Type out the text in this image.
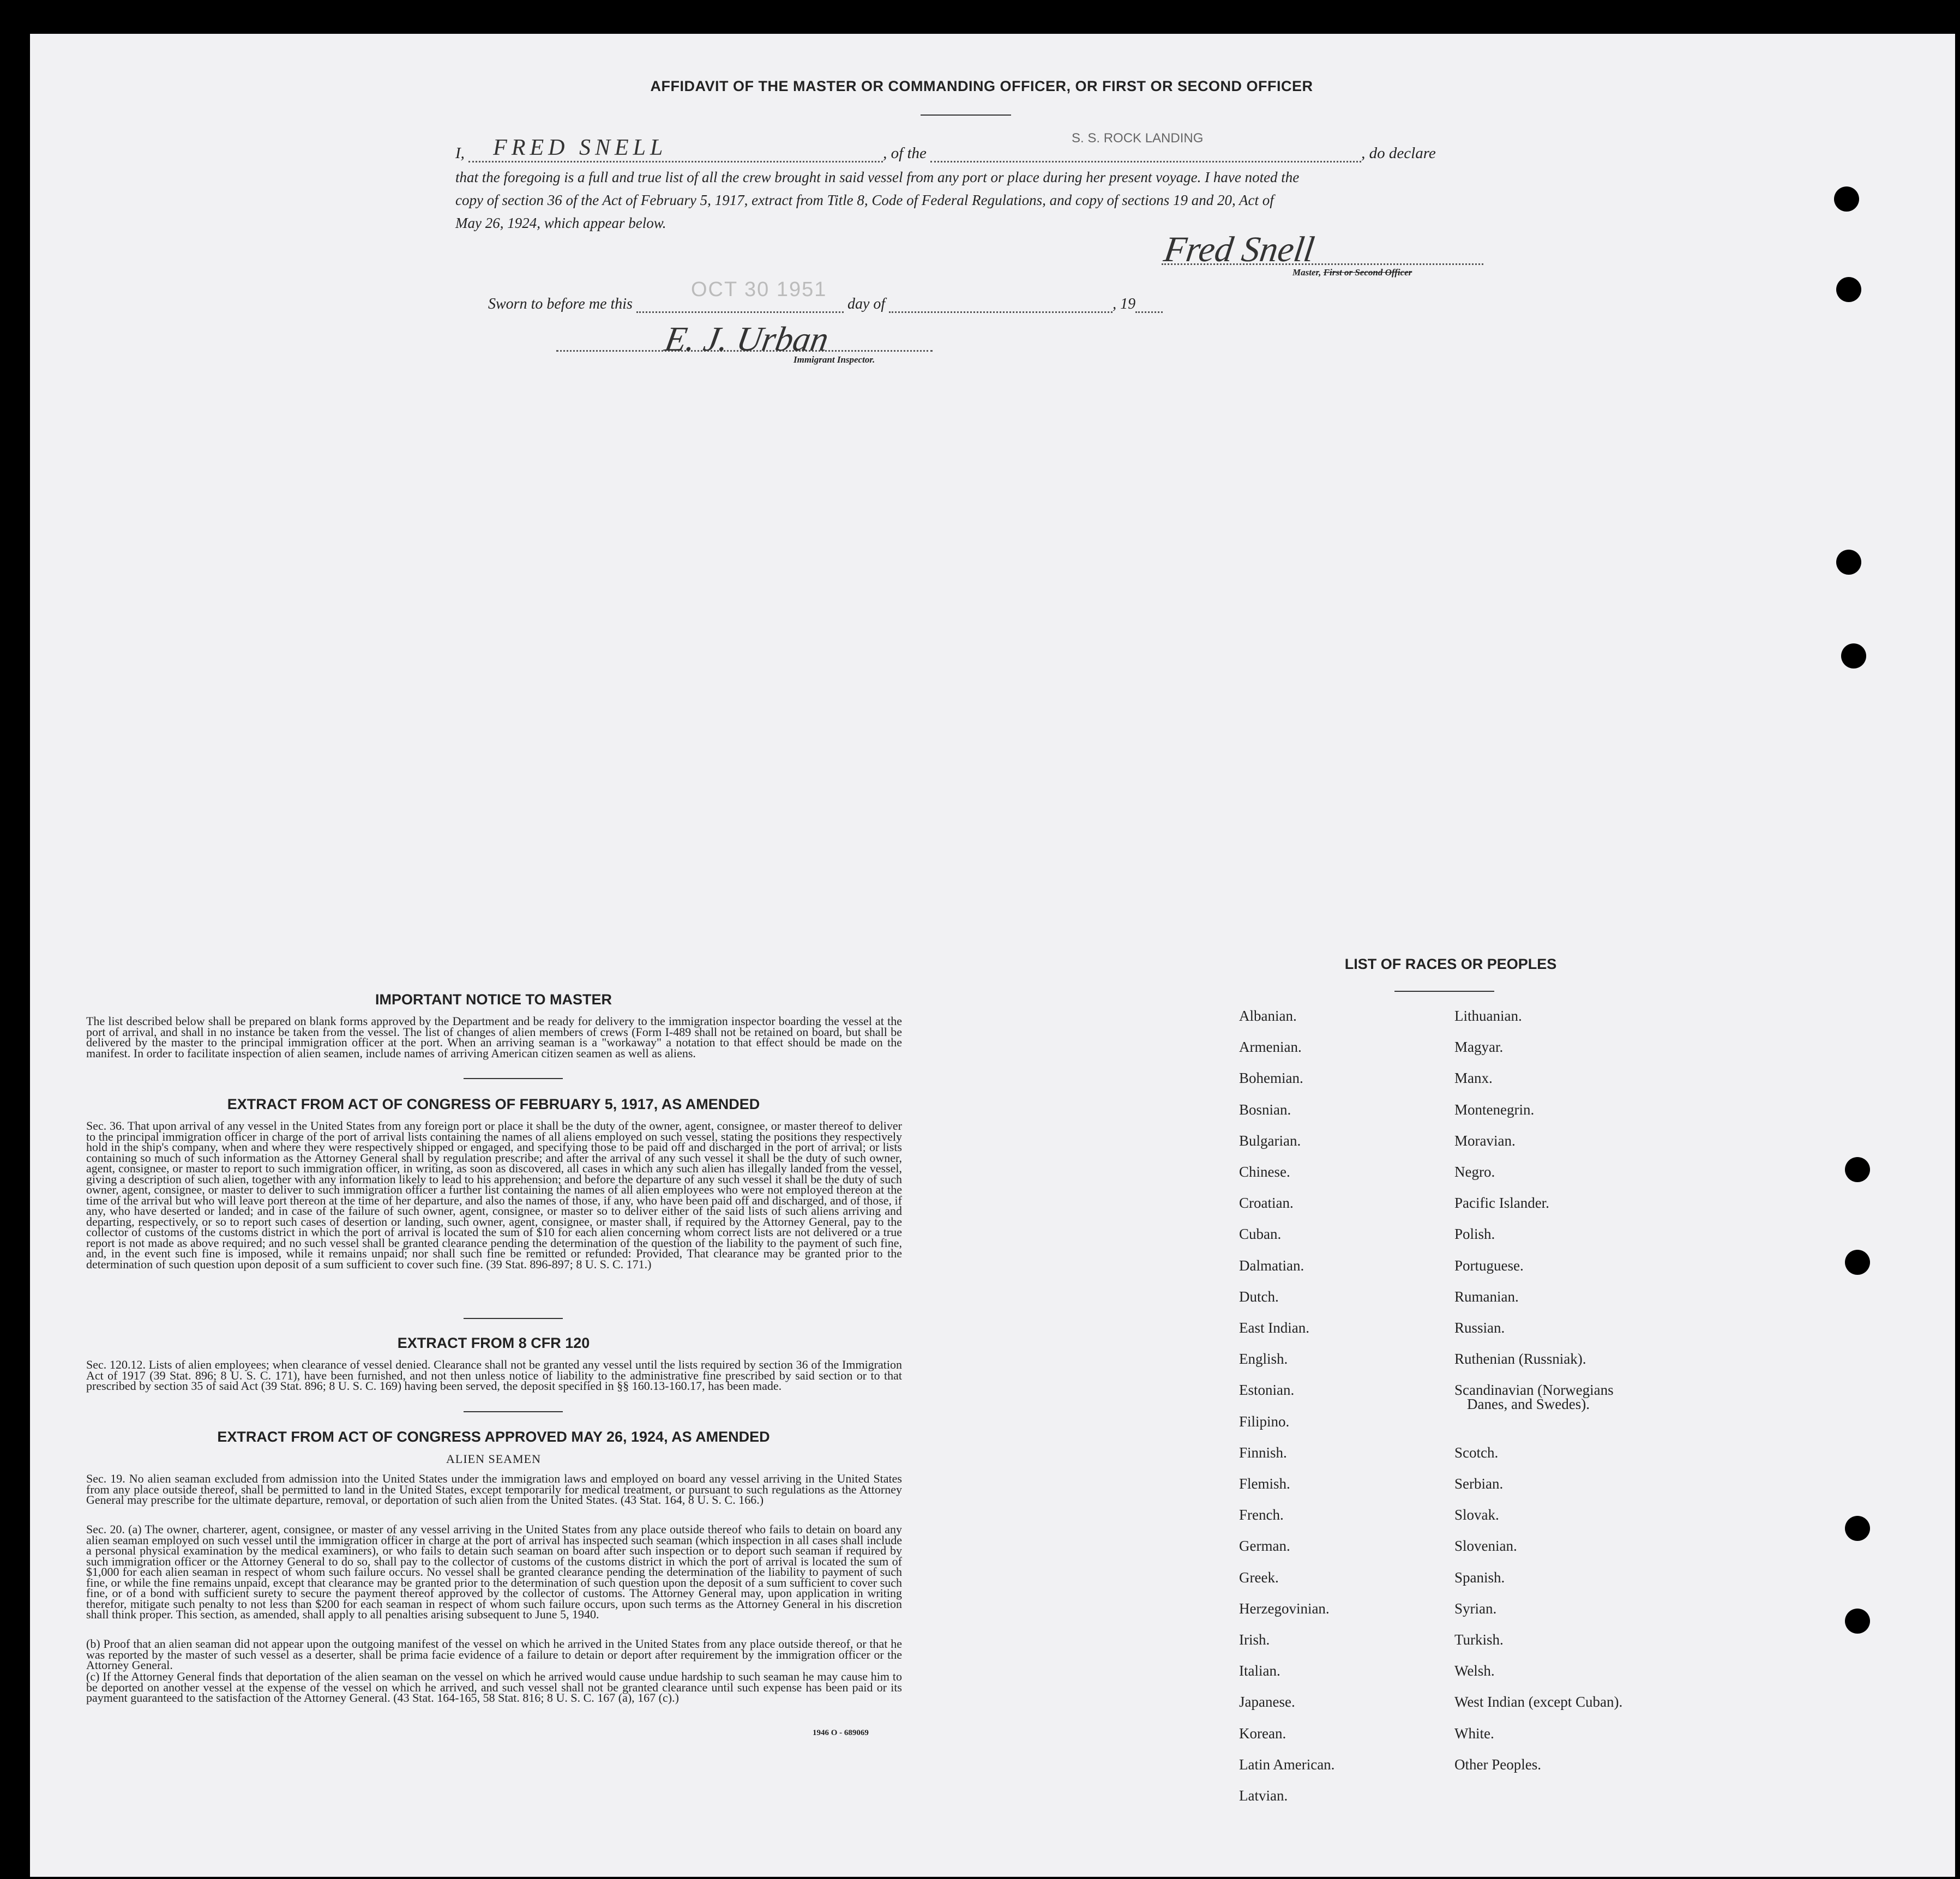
AFFIDAVIT OF THE MASTER OR COMMANDING OFFICER, OR FIRST OR SECOND OFFICER
S. S. ROCK LANDING
I, FRED SNELL	, of the	, do declare
that the foregoing is a full and true list of all the crew brought in said vessel from any port or place during her present voyage. I have noted the
copy of section 36 of the Act of February 5, 1917, extract from Title 8, Code of Federal Regulations, and copy of sections 19 and 20, Act of
May 26, 1924, which appear below.
Fred Snell
Master, First or Second Officer
Sworn to before me this
OCT 30 1951
day of	, 19
E. J. Urban
Immigrant Inspector.
IMPORTANT NOTICE TO MASTER
The list described below shall be prepared on blank forms approved by the Department and be ready for delivery to the immigration inspector boarding the vessel at the port of arrival, and shall in no instance be taken from the vessel. The list of changes of alien members of crews (Form I-489 shall not be retained on board, but shall be delivered by the master to the principal immigration officer at the port. When an arriving seaman is a "workaway" a notation to that effect should be made on the manifest. In order to facilitate inspection of alien seamen, include names of arriving American citizen seamen as well as aliens.
EXTRACT FROM ACT OF CONGRESS OF FEBRUARY 5, 1917, AS AMENDED
Sec. 36. That upon arrival of any vessel in the United States from any foreign port or place it shall be the duty of the owner, agent, consignee, or master thereof to deliver to the principal immigration officer in charge of the port of arrival lists containing the names of all aliens employed on such vessel, stating the positions they respectively hold in the ship's company, when and where they were respectively shipped or engaged, and specifying those to be paid off and discharged in the port of arrival; or lists containing so much of such information as the Attorney General shall by regulation prescribe; and after the arrival of any such vessel it shall be the duty of such owner, agent, consignee, or master to report to such immigration officer, in writing, as soon as discovered, all cases in which any such alien has illegally landed from the vessel, giving a description of such alien, together with any information likely to lead to his apprehension; and before the departure of any such vessel it shall be the duty of such owner, agent, consignee, or master to deliver to such immigration officer a further list containing the names of all alien employees who were not employed thereon at the time of the arrival but who will leave port thereon at the time of her departure, and also the names of those, if any, who have been paid off and discharged, and of those, if any, who have deserted or landed; and in case of the failure of such owner, agent, consignee, or master so to deliver either of the said lists of such aliens arriving and departing, respectively, or so to report such cases of desertion or landing, such owner, agent, consignee, or master shall, if required by the Attorney General, pay to the collector of customs of the customs district in which the port of arrival is located the sum of $10 for each alien concerning whom correct lists are not delivered or a true report is not made as above required; and no such vessel shall be granted clearance pending the determination of the question of the liability to the payment of such fine, and, in the event such fine is imposed, while it remains unpaid; nor shall such fine be remitted or refunded: Provided, That clearance may be granted prior to the determination of such question upon deposit of a sum sufficient to cover such fine. (39 Stat. 896-897; 8 U. S. C. 171.)
EXTRACT FROM 8 CFR 120
Sec. 120.12. Lists of alien employees; when clearance of vessel denied. Clearance shall not be granted any vessel until the lists required by section 36 of the Immigration Act of 1917 (39 Stat. 896; 8 U. S. C. 171), have been furnished, and not then unless notice of liability to the administrative fine prescribed by said section or to that prescribed by section 35 of said Act (39 Stat. 896; 8 U. S. C. 169) having been served, the deposit specified in §§ 160.13-160.17, has been made.
EXTRACT FROM ACT OF CONGRESS APPROVED MAY 26, 1924, AS AMENDED
ALIEN SEAMEN
Sec. 19. No alien seaman excluded from admission into the United States under the immigration laws and employed on board any vessel arriving in the United States from any place outside thereof, shall be permitted to land in the United States, except temporarily for medical treatment, or pursuant to such regulations as the Attorney General may prescribe for the ultimate departure, removal, or deportation of such alien from the United States. (43 Stat. 164, 8 U. S. C. 166.)
Sec. 20. (a) The owner, charterer, agent, consignee, or master of any vessel arriving in the United States from any place outside thereof who fails to detain on board any alien seaman employed on such vessel until the immigration officer in charge at the port of arrival has inspected such seaman (which inspection in all cases shall include a personal physical examination by the medical examiners), or who fails to detain such seaman on board after such inspection or to deport such seaman if required by such immigration officer or the Attorney General to do so, shall pay to the collector of customs of the customs district in which the port of arrival is located the sum of $1,000 for each alien seaman in respect of whom such failure occurs. No vessel shall be granted clearance pending the determination of the liability to payment of such fine, or while the fine remains unpaid, except that clearance may be granted prior to the determination of such question upon the deposit of a sum sufficient to cover such fine, or of a bond with sufficient surety to secure the payment thereof approved by the collector of customs. The Attorney General may, upon application in writing therefor, mitigate such penalty to not less than $200 for each seaman in respect of whom such failure occurs, upon such terms as the Attorney General in his discretion shall think proper. This section, as amended, shall apply to all penalties arising subsequent to June 5, 1940.
(b) Proof that an alien seaman did not appear upon the outgoing manifest of the vessel on which he arrived in the United States from any place outside thereof, or that he was reported by the master of such vessel as a deserter, shall be prima facie evidence of a failure to detain or deport after requirement by the immigration officer or the Attorney General.
(c) If the Attorney General finds that deportation of the alien seaman on the vessel on which he arrived would cause undue hardship to such seaman he may cause him to be deported on another vessel at the expense of the vessel on which he arrived, and such vessel shall not be granted clearance until such expense has been paid or its payment guaranteed to the satisfaction of the Attorney General. (43 Stat. 164-165, 58 Stat. 816; 8 U. S. C. 167 (a), 167 (c).)
1946 O - 689069
LIST OF RACES OR PEOPLES
Albanian.
Armenian.
Bohemian.
Bosnian.
Bulgarian.
Chinese.
Croatian.
Cuban.
Dalmatian.
Dutch.
East Indian.
English.
Estonian.
Filipino.
Finnish.
Flemish.
French.
German.
Greek.
Herzegovinian.
Irish.
Italian.
Japanese.
Korean.
Latin American.
Latvian.
Lithuanian.
Magyar.
Manx.
Montenegrin.
Moravian.
Negro.
Pacific Islander.
Polish.
Portuguese.
Rumanian.
Russian.
Ruthenian (Russniak).
Scandinavian (Norwegians
Danes, and Swedes).
Scotch.
Serbian.
Slovak.
Slovenian.
Spanish.
Syrian.
Turkish.
Welsh.
West Indian (except Cuban).
White.
Other Peoples.
